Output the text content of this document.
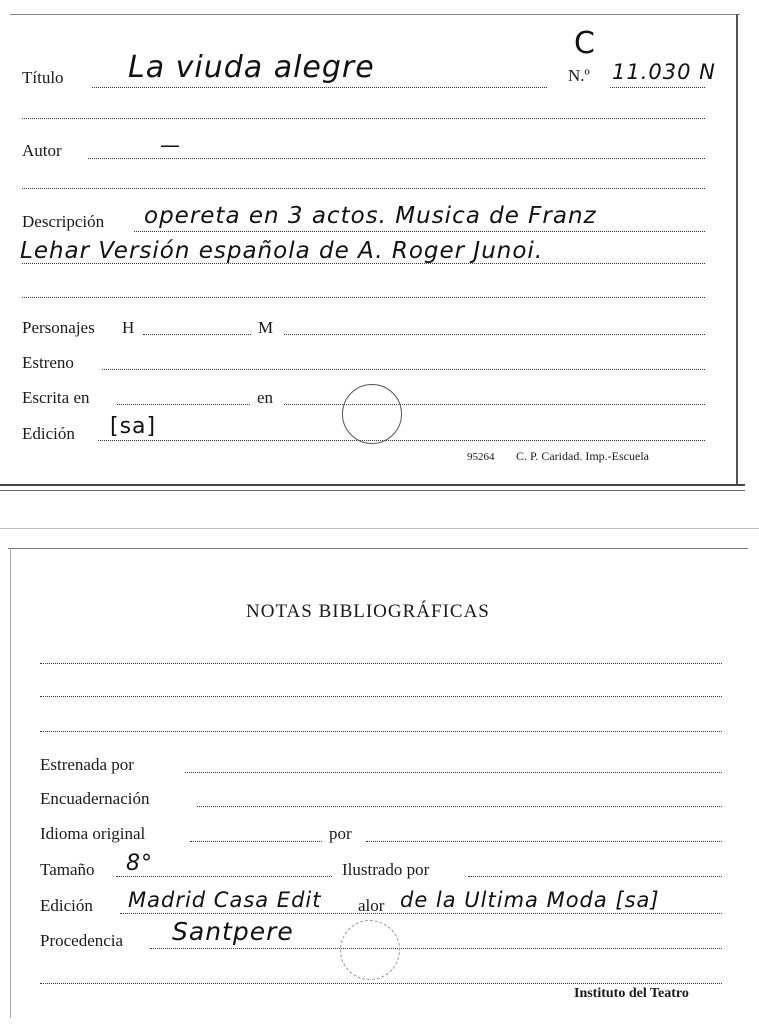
Título La viuda alegre
C
N.º 11.030 N
Autor	—
Descripción opereta en 3 actos. Musica de Franz
Lehar Versión española de A. Roger Junoi.
Personajes H	M
Estreno
Escrita en	en
Edición [sa]
95264 C. P. Caridad. Imp.-Escuela
NOTAS BIBLIOGRÁFICAS
Estrenada por
Encuadernación
Idioma original	por
Tamaño 8°	Ilustrado por
Edición Madrid Casa Edit alor de la Ultima Moda [sa]
Procedencia Santpere
Instituto del Teatro
